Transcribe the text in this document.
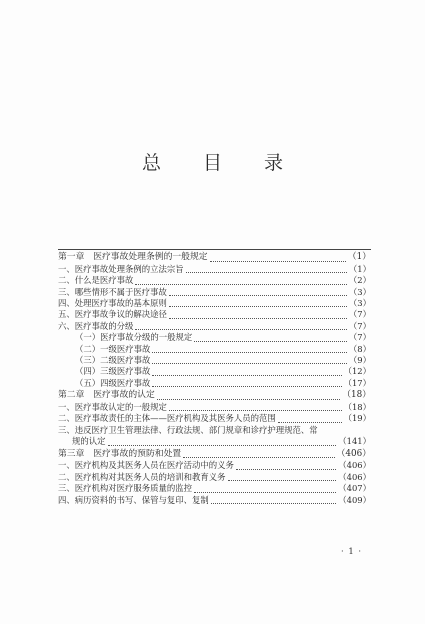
总 目 录
第一章　医疗事故处理条例的一般规定	（1）
一、医疗事故处理条例的立法宗旨	（1）
二、什么是医疗事故	（2）
三、哪些情形不属于医疗事故	（3）
四、处理医疗事故的基本原则	（3）
五、医疗事故争议的解决途径	（7）
六、医疗事故的分级	（7）
（一）医疗事故分级的一般规定	（7）
（二）一级医疗事故	（8）
（三）二级医疗事故	（9）
（四）三级医疗事故	（12）
（五）四级医疗事故	（17）
第二章　医疗事故的认定	（18）
一、医疗事故认定的一般规定	（18）
二、医疗事故责任的主体——医疗机构及其医务人员的范围	（19）
三、违反医疗卫生管理法律、行政法规、部门规章和诊疗护理规范、常
规的认定	（141）
第三章　医疗事故的预防和处置	（406）
一、医疗机构及其医务人员在医疗活动中的义务	（406）
二、医疗机构对其医务人员的培训和教育义务	（406）
三、医疗机构对医疗服务质量的监控	（407）
四、病历资料的书写、保管与复印、复制	（409）
· 1 ·
